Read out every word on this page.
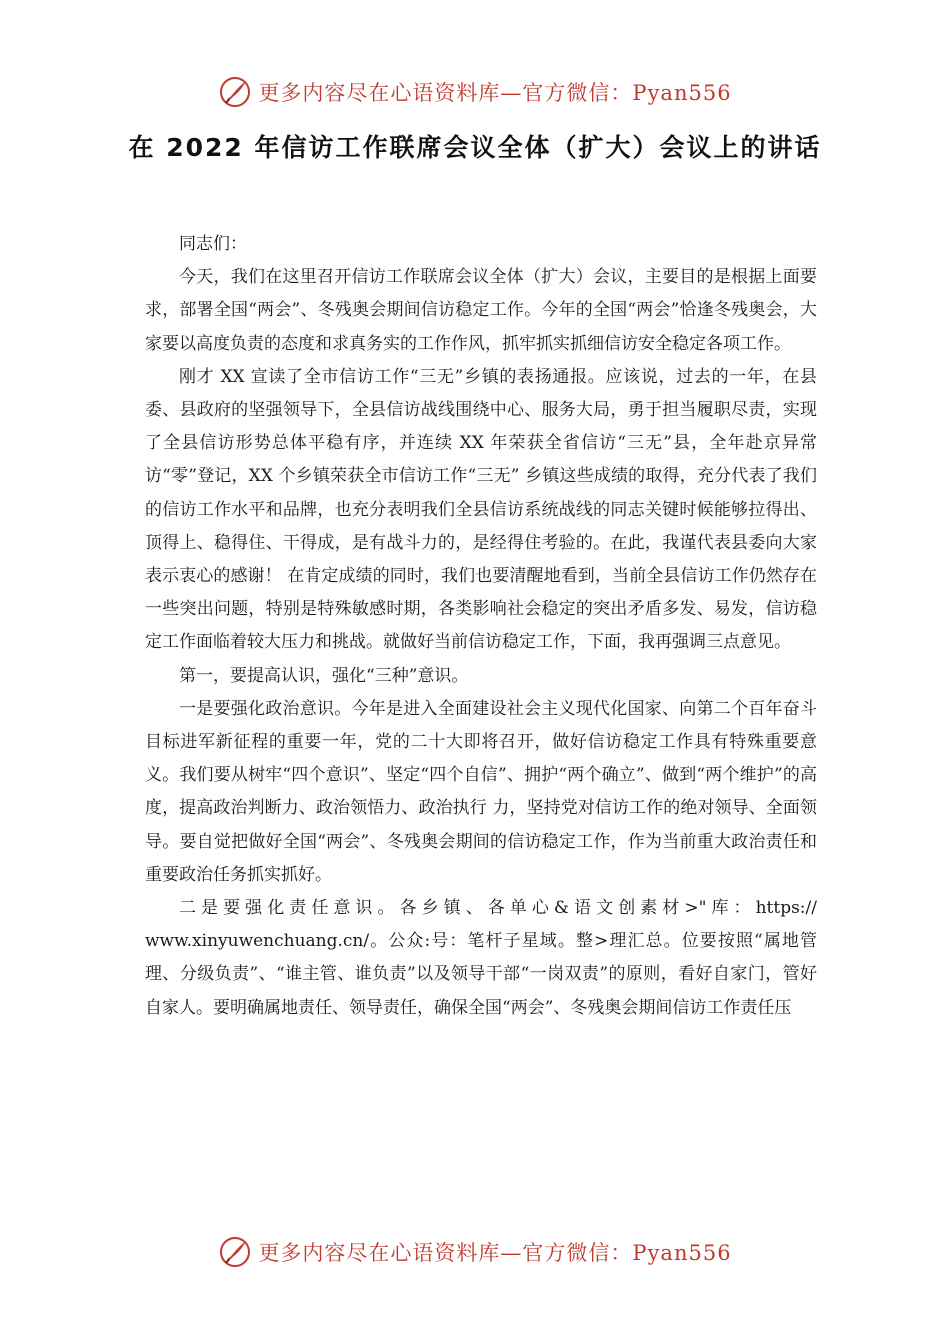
更多内容尽在心语资料库—官方微信：Pyan556
在 2022 年信访工作联席会议全体（扩大）会议上的讲话

同志们：

今天，我们在这里召开信访工作联席会议全体（扩大）会议，主要目的是根据上面要求，部署全国“两会”、冬残奥会期间信访稳定工作。今年的全国“两会”恰逢冬残奥会，大家要以高度负责的态度和求真务实的工作作风，抓牢抓实抓细信访安全稳定各项工作。

刚才 XX 宣读了全市信访工作“三无”乡镇的表扬通报。应该说，过去的一年，在县委、县政府的坚强领导下，全县信访战线围绕中心、服务大局，勇于担当履职尽责，实现了全县信访形势总体平稳有序，并连续 XX 年荣获全省信访“三无”县，全年赴京异常访“零”登记，XX 个乡镇荣获全市信访工作“三无” 乡镇这些成绩的取得，充分代表了我们的信访工作水平和品牌，也充分表明我们全县信访系统战线的同志关键时候能够拉得出、顶得上、稳得住、干得成，是有战斗力的，是经得住考验的。在此，我谨代表县委向大家表示衷心的感谢！ 在肯定成绩的同时，我们也要清醒地看到，当前全县信访工作仍然存在一些突出问题，特别是特殊敏感时期，各类影响社会稳定的突出矛盾多发、易发，信访稳定工作面临着较大压力和挑战。就做好当前信访稳定工作，下面，我再强调三点意见。

第一，要提高认识，强化“三种”意识。

一是要强化政治意识。今年是进入全面建设社会主义现代化国家、向第二个百年奋斗目标进军新征程的重要一年，党的二十大即将召开，做好信访稳定工作具有特殊重要意义。我们要从树牢“四个意识”、坚定“四个自信”、拥护“两个确立”、做到“两个维护”的高度，提高政治判断力、政治领悟力、政治执行 力，坚持党对信访工作的绝对领导、全面领导。要自觉把做好全国“两会”、冬残奥会期间的信访稳定工作，作为当前重大政治责任和重要政治任务抓实抓好。

二是要强化责任意识。各乡镇、各单心&语文创素材>"库：https:// www.xinyuwenchuang.cn/。公众:号：笔杆子星域。整>理汇总。位要按照“属地管理、分级负责”、“谁主管、谁负责”以及领导干部“一岗双责”的原则，看好自家门，管好自家人。要明确属地责任、领导责任，确保全国“两会”、冬残奥会期间信访工作责任压

更多内容尽在心语资料库—官方微信：Pyan556
